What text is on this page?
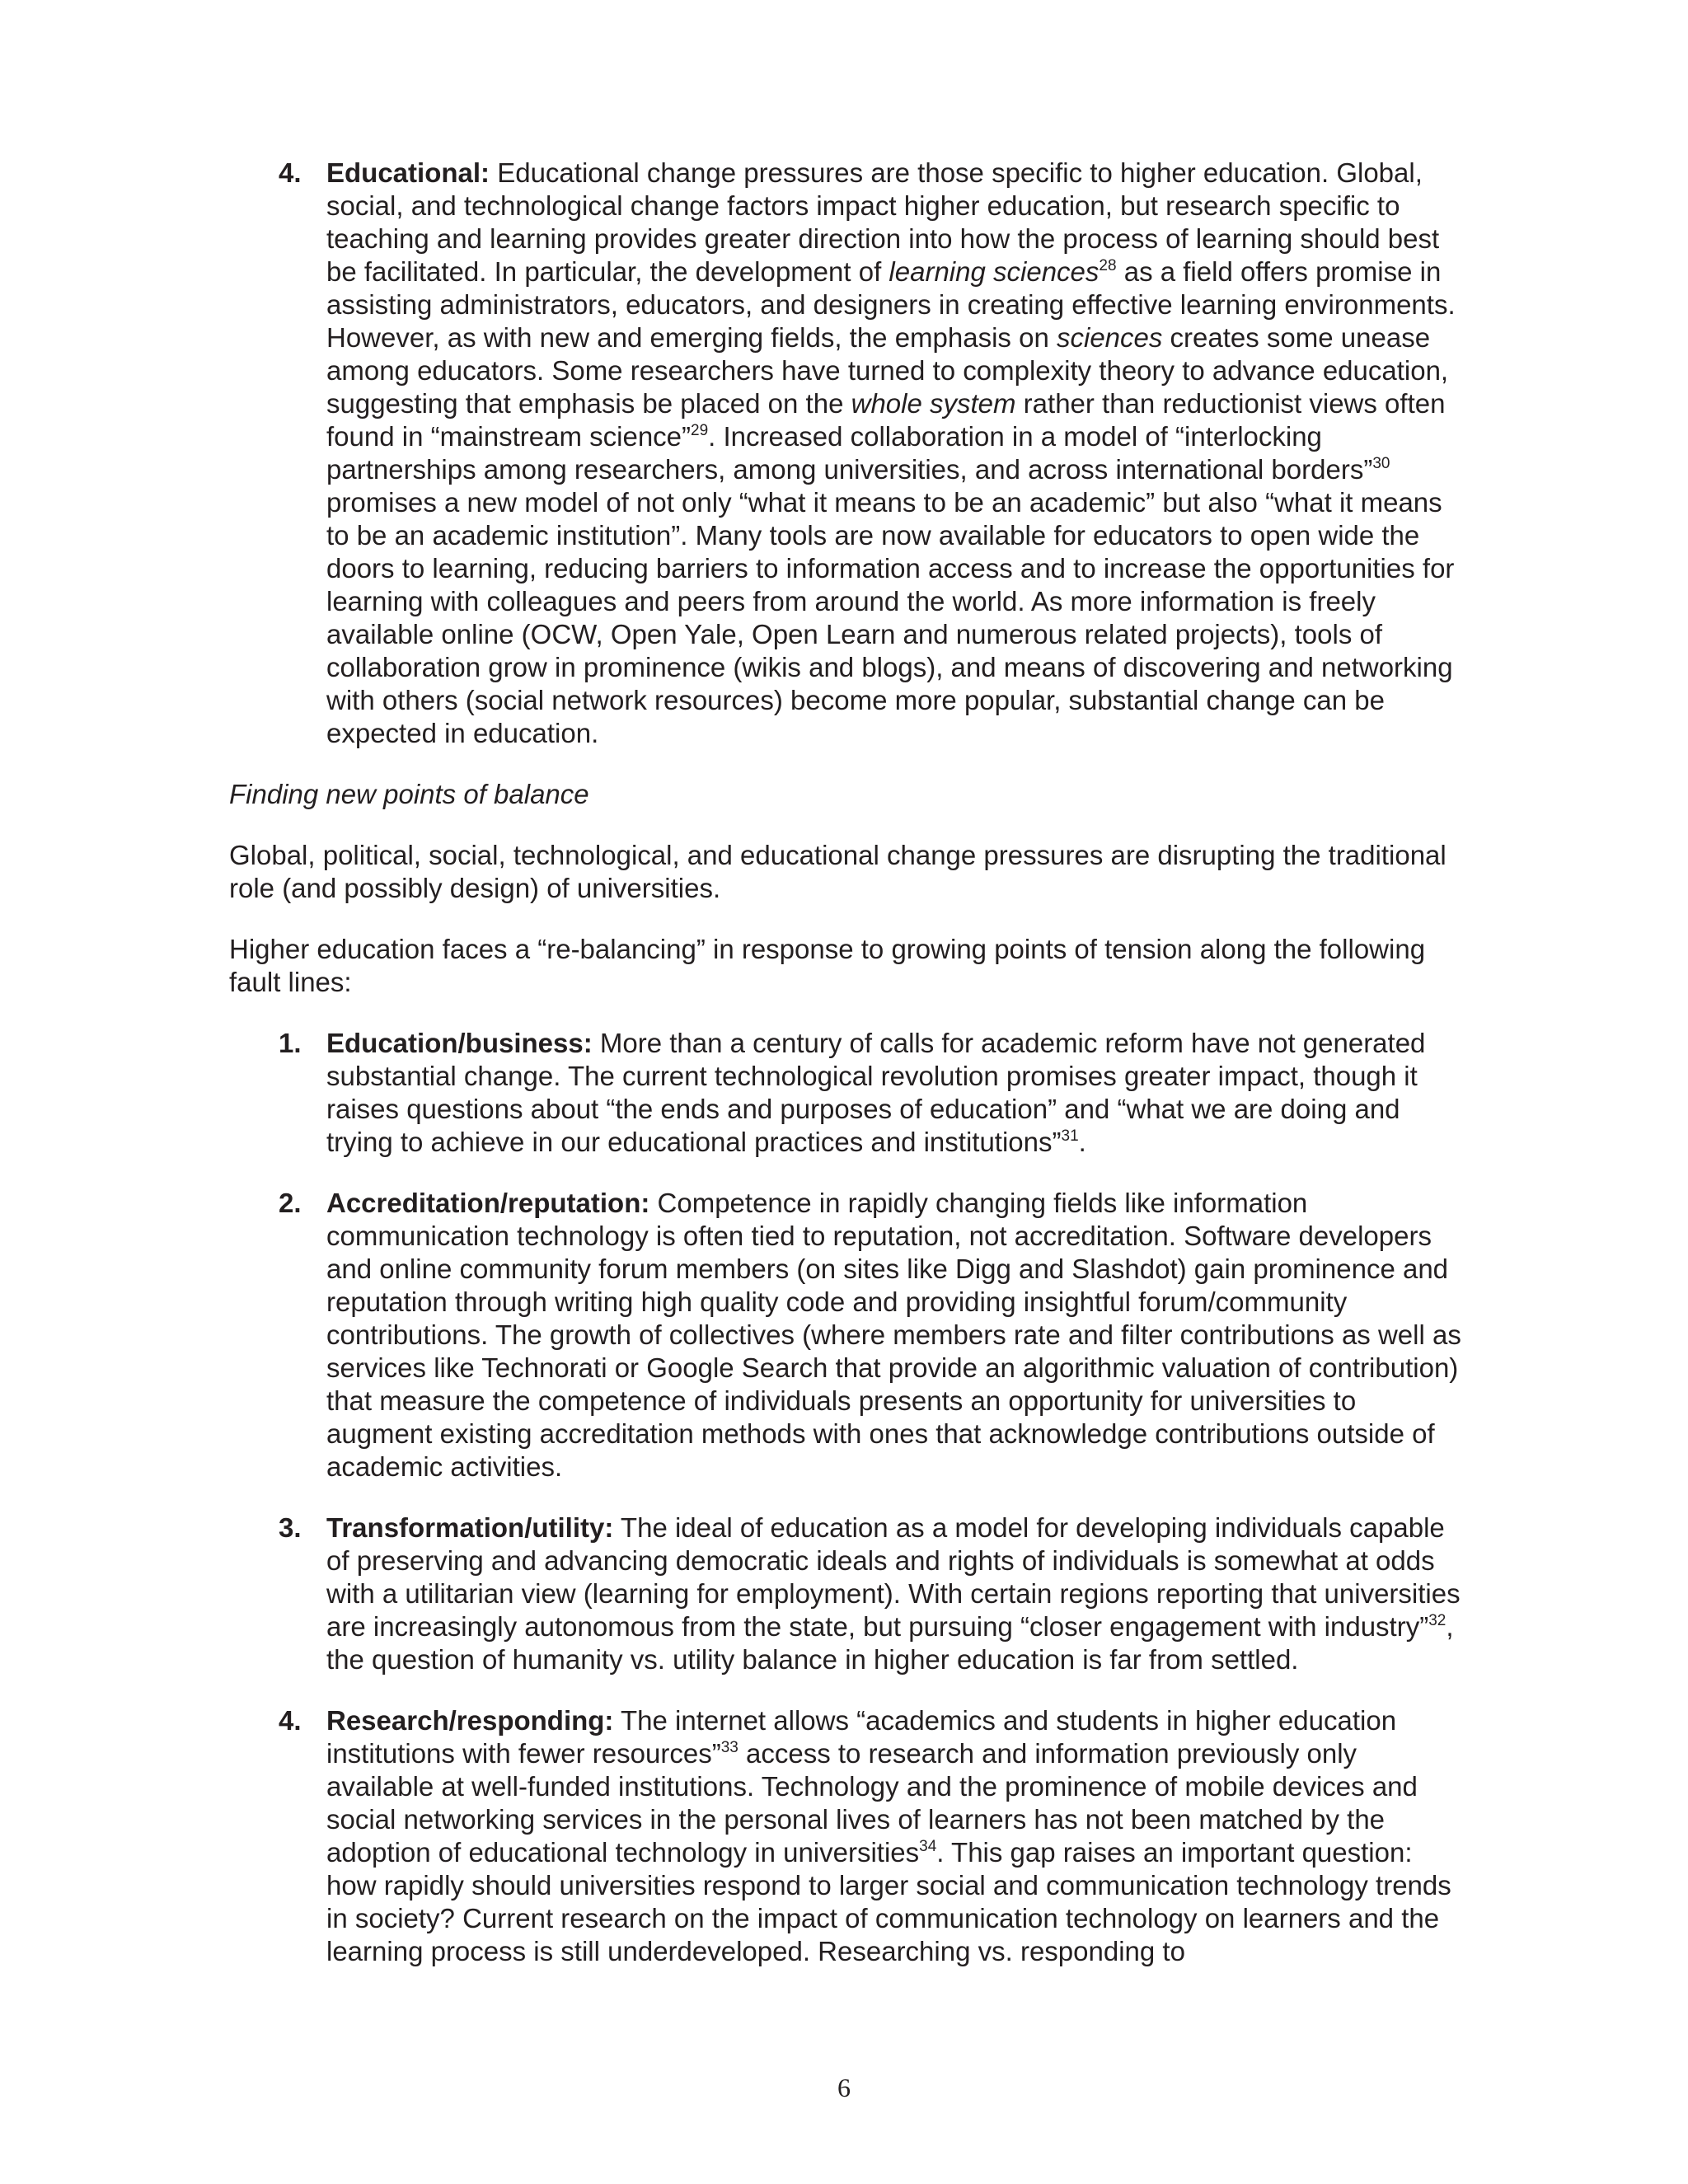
4. Educational: Educational change pressures are those specific to higher education. Global, social, and technological change factors impact higher education, but research specific to teaching and learning provides greater direction into how the process of learning should best be facilitated. In particular, the development of learning sciences$^{28}$ as a field offers promise in assisting administrators, educators, and designers in creating effective learning environments. However, as with new and emerging fields, the emphasis on sciences creates some unease among educators. Some researchers have turned to complexity theory to advance education, suggesting that emphasis be placed on the whole system rather than reductionist views often found in “mainstream science”$^{29}$. Increased collaboration in a model of “interlocking partnerships among researchers, among universities, and across international borders”$^{30}$ promises a new model of not only “what it means to be an academic” but also “what it means to be an academic institution”. Many tools are now available for educators to open wide the doors to learning, reducing barriers to information access and to increase the opportunities for learning with colleagues and peers from around the world. As more information is freely available online (OCW, Open Yale, Open Learn and numerous related projects), tools of collaboration grow in prominence (wikis and blogs), and means of discovering and networking with others (social network resources) become more popular, substantial change can be expected in education.

Finding new points of balance

Global, political, social, technological, and educational change pressures are disrupting the traditional role (and possibly design) of universities.

Higher education faces a “re-balancing” in response to growing points of tension along the following fault lines:

1. Education/business: More than a century of calls for academic reform have not generated substantial change. The current technological revolution promises greater impact, though it raises questions about “the ends and purposes of education” and “what we are doing and trying to achieve in our educational practices and institutions”$^{31}$.
2. Accreditation/reputation: Competence in rapidly changing fields like information communication technology is often tied to reputation, not accreditation. Software developers and online community forum members (on sites like Digg and Slashdot) gain prominence and reputation through writing high quality code and providing insightful forum/community contributions. The growth of collectives (where members rate and filter contributions as well as services like Technorati or Google Search that provide an algorithmic valuation of contribution) that measure the competence of individuals presents an opportunity for universities to augment existing accreditation methods with ones that acknowledge contributions outside of academic activities.
3. Transformation/utility: The ideal of education as a model for developing individuals capable of preserving and advancing democratic ideals and rights of individuals is somewhat at odds with a utilitarian view (learning for employment). With certain regions reporting that universities are increasingly autonomous from the state, but pursuing “closer engagement with industry”$^{32}$, the question of humanity vs. utility balance in higher education is far from settled.
4. Research/responding: The internet allows “academics and students in higher education institutions with fewer resources”$^{33}$ access to research and information previously only available at well-funded institutions. Technology and the prominence of mobile devices and social networking services in the personal lives of learners has not been matched by the adoption of educational technology in universities$^{34}$. This gap raises an important question: how rapidly should universities respond to larger social and communication technology trends in society? Current research on the impact of communication technology on learners and the learning process is still underdeveloped. Researching vs. responding to
6
